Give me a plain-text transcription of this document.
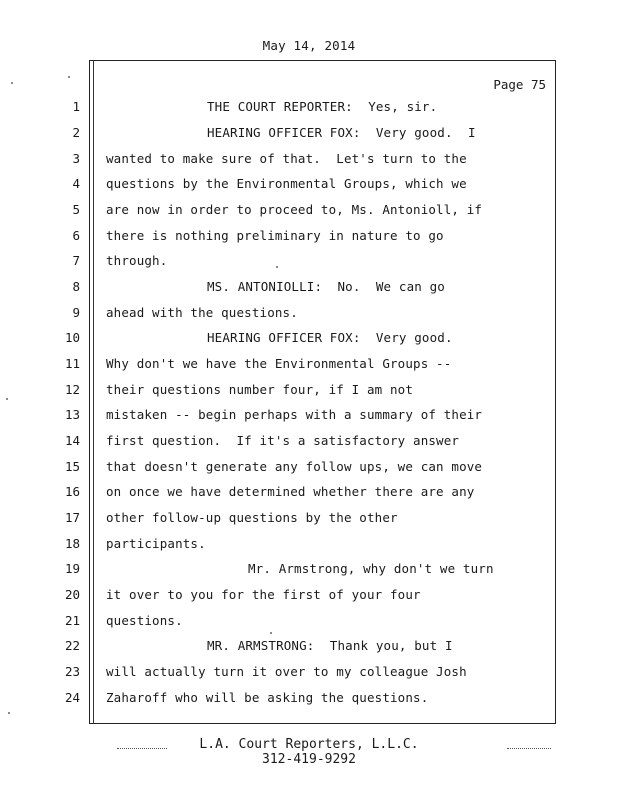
May 14, 2014
Page 75
1
2
3
4
5
6
7
8
9
10
11
12
13
14
15
16
17
18
19
20
21
22
23
24
THE COURT REPORTER:  Yes, sir.
HEARING OFFICER FOX:  Very good.  I
wanted to make sure of that.  Let's turn to the
questions by the Environmental Groups, which we
are now in order to proceed to, Ms. Antonioll, if
there is nothing preliminary in nature to go
through.
MS. ANTONIOLLI:  No.  We can go
ahead with the questions.
HEARING OFFICER FOX:  Very good.
Why don't we have the Environmental Groups --
their questions number four, if I am not
mistaken -- begin perhaps with a summary of their
first question.  If it's a satisfactory answer
that doesn't generate any follow ups, we can move
on once we have determined whether there are any
other follow-up questions by the other
participants.
Mr. Armstrong, why don't we turn
it over to you for the first of your four
questions.
MR. ARMSTRONG:  Thank you, but I
will actually turn it over to my colleague Josh
Zaharoff who will be asking the questions.
L.A. Court Reporters, L.L.C.
312-419-9292
